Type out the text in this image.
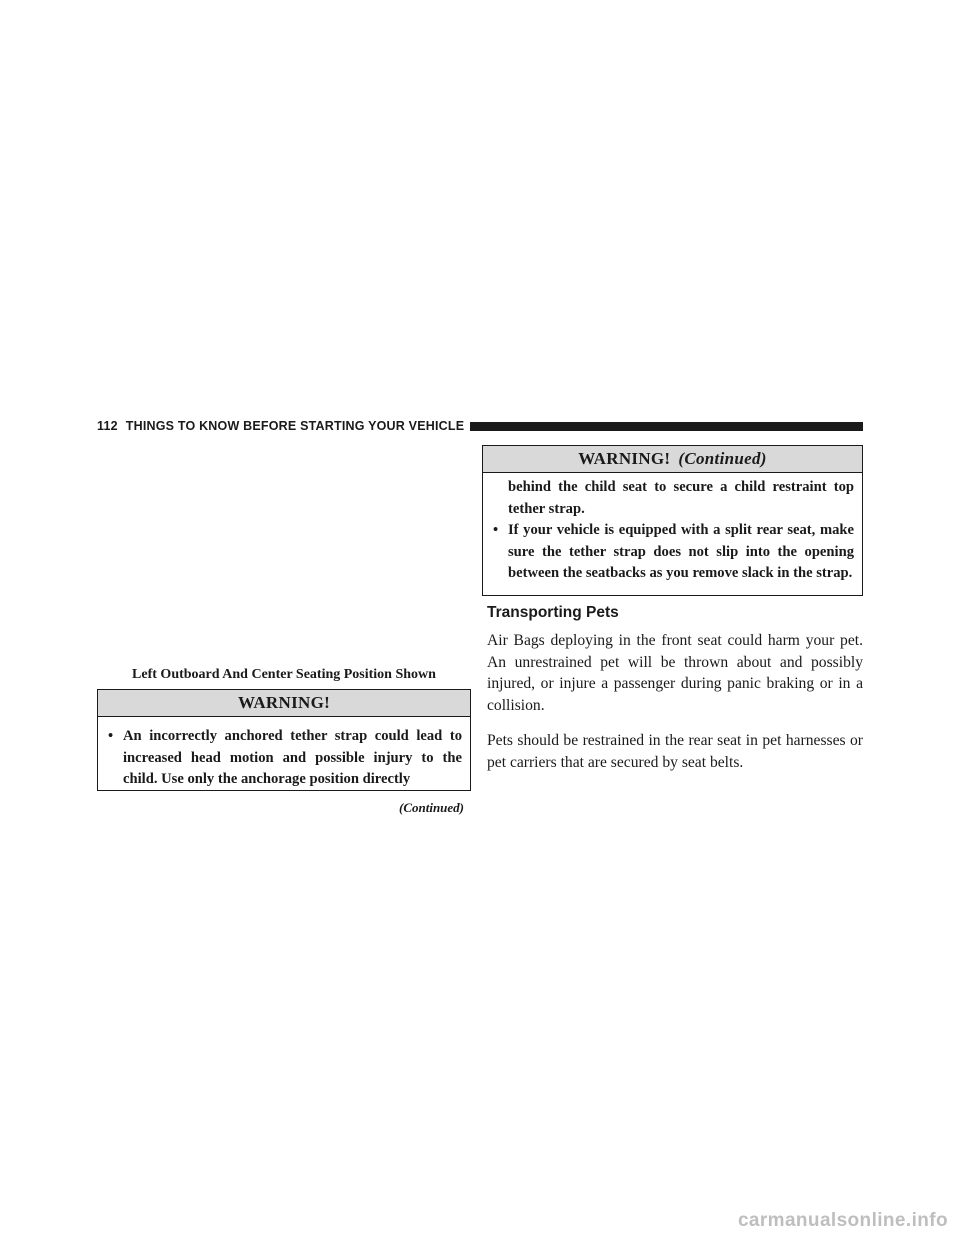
112 THINGS TO KNOW BEFORE STARTING YOUR VEHICLE
Left Outboard And Center Seating Position Shown
WARNING!
• An incorrectly anchored tether strap could lead to increased head motion and possible injury to the child. Use only the anchorage position directly
(Continued)
WARNING! (Continued)
behind the child seat to secure a child restraint top tether strap.
• If your vehicle is equipped with a split rear seat, make sure the tether strap does not slip into the opening between the seatbacks as you remove slack in the strap.
Transporting Pets
Air Bags deploying in the front seat could harm your pet. An unrestrained pet will be thrown about and possibly injured, or injure a passenger during panic braking or in a collision.
Pets should be restrained in the rear seat in pet harnesses or pet carriers that are secured by seat belts.
carmanualsonline.info
